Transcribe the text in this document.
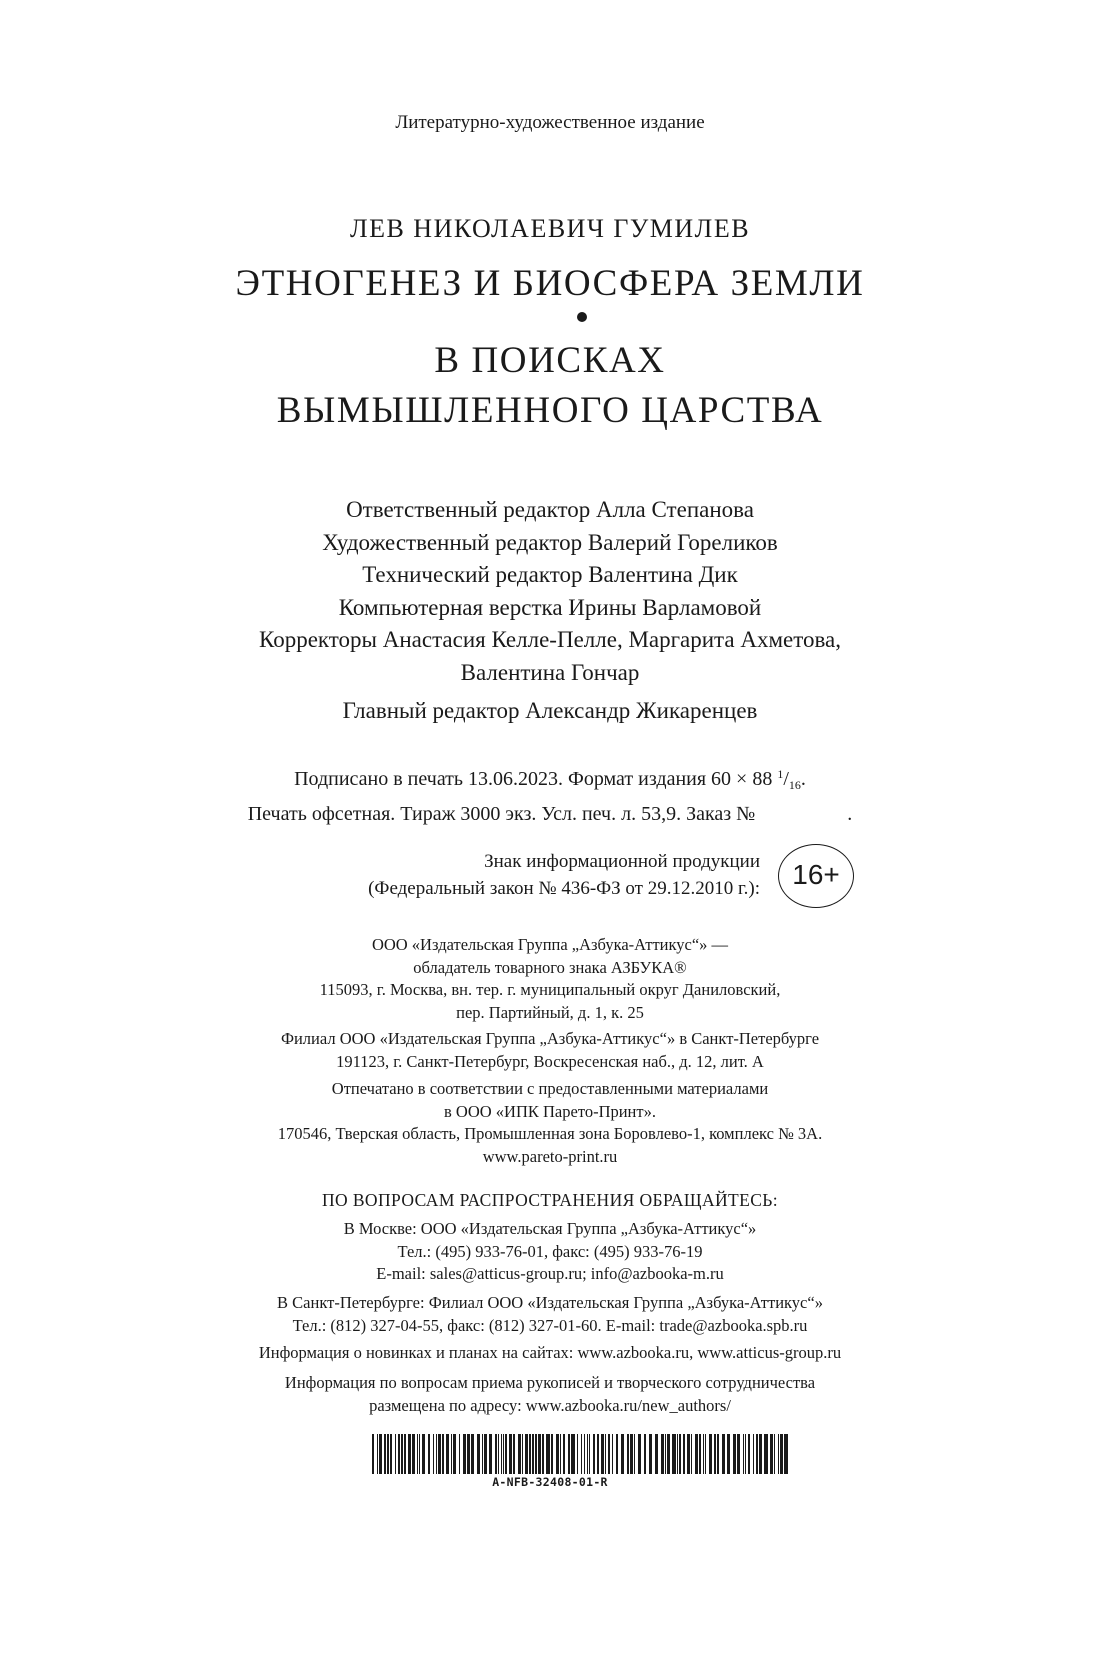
Литературно-художественное издание
ЛЕВ НИКОЛАЕВИЧ ГУМИЛЕВ
ЭТНОГЕНЕЗ И БИОСФЕРА ЗЕМЛИ
В ПОИСКАХ
ВЫМЫШЛЕННОГО ЦАРСТВА
Ответственный редактор Алла Степанова
Художественный редактор Валерий Гореликов
Технический редактор Валентина Дик
Компьютерная верстка Ирины Варламовой
Корректоры Анастасия Келле-Пелле, Маргарита Ахметова,
Валентина Гончар
Главный редактор Александр Жикаренцев
Подписано в печать 13.06.2023. Формат издания 60 × 88 $^1/_{16}$.
Печать офсетная. Тираж 3000 экз. Усл. печ. л. 53,9. Заказ №	.
Знак информационной продукции
(Федеральный закон № 436-ФЗ от 29.12.2010 г.):	16+
ООО «Издательская Группа „Азбука-Аттикус“» —
обладатель товарного знака АЗБУКА®
115093, г. Москва, вн. тер. г. муниципальный округ Даниловский,
пер. Партийный, д. 1, к. 25
Филиал ООО «Издательская Группа „Азбука-Аттикус“» в Санкт-Петербурге
191123, г. Санкт-Петербург, Воскресенская наб., д. 12, лит. А
Отпечатано в соответствии с предоставленными материалами
в ООО «ИПК Парето-Принт».
170546, Тверская область, Промышленная зона Боровлево-1, комплекс № 3А.
www.pareto-print.ru
ПО ВОПРОСАМ РАСПРОСТРАНЕНИЯ ОБРАЩАЙТЕСЬ:
В Москве: ООО «Издательская Группа „Азбука-Аттикус“»
Тел.: (495) 933-76-01, факс: (495) 933-76-19
E-mail: sales@atticus-group.ru; info@azbooka-m.ru
В Санкт-Петербурге: Филиал ООО «Издательская Группа „Азбука-Аттикус“»
Тел.: (812) 327-04-55, факс: (812) 327-01-60. E-mail: trade@azbooka.spb.ru
Информация о новинках и планах на сайтах: www.azbooka.ru, www.atticus-group.ru
Информация по вопросам приема рукописей и творческого сотрудничества
размещена по адресу: www.azbooka.ru/new_authors/
A-NFB-32408-01-R
